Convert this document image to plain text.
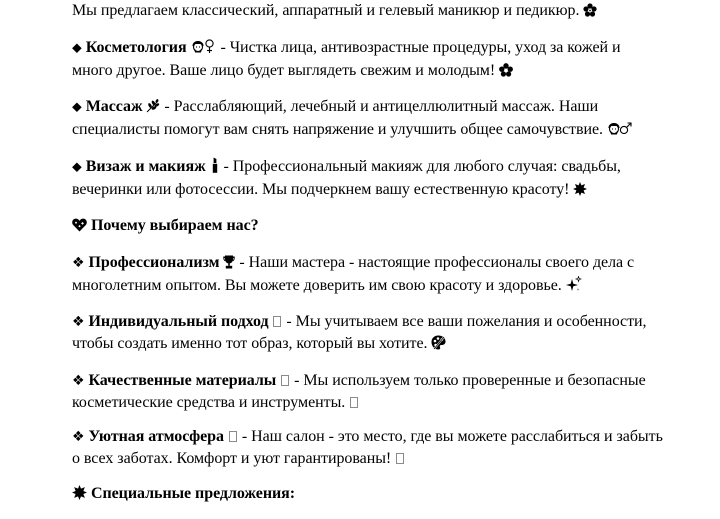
Мы предлагаем классический, аппаратный и гелевый маникюр и педикюр.

⬥ Косметология  - Чистка лица, антивозрастные процедуры, уход за кожей и много другое. Ваше лицо будет выглядеть свежим и молодым!

⬥ Массаж  - Расслабляющий, лечебный и антицеллюлитный массаж. Наши специалисты помогут вам снять напряжение и улучшить общее самочувствие.

⬥ Визаж и макияж  - Профессиональный макияж для любого случая: свадьбы, вечеринки или фотосессии. Мы подчеркнем вашу естественную красоту!

Почему выбираем нас?

❖ Профессионализм  - Наши мастера - настоящие профессионалы своего дела с многолетним опытом. Вы можете доверить им свою красоту и здоровье.

❖ Индивидуальный подход  - Мы учитываем все ваши пожелания и особенности, чтобы создать именно тот образ, который вы хотите.

❖ Качественные материалы  - Мы используем только проверенные и безопасные косметические средства и инструменты.

❖ Уютная атмосфера  - Наш салон - это место, где вы можете расслабиться и забыть о всех заботах. Комфорт и уют гарантированы!

Специальные предложения:
